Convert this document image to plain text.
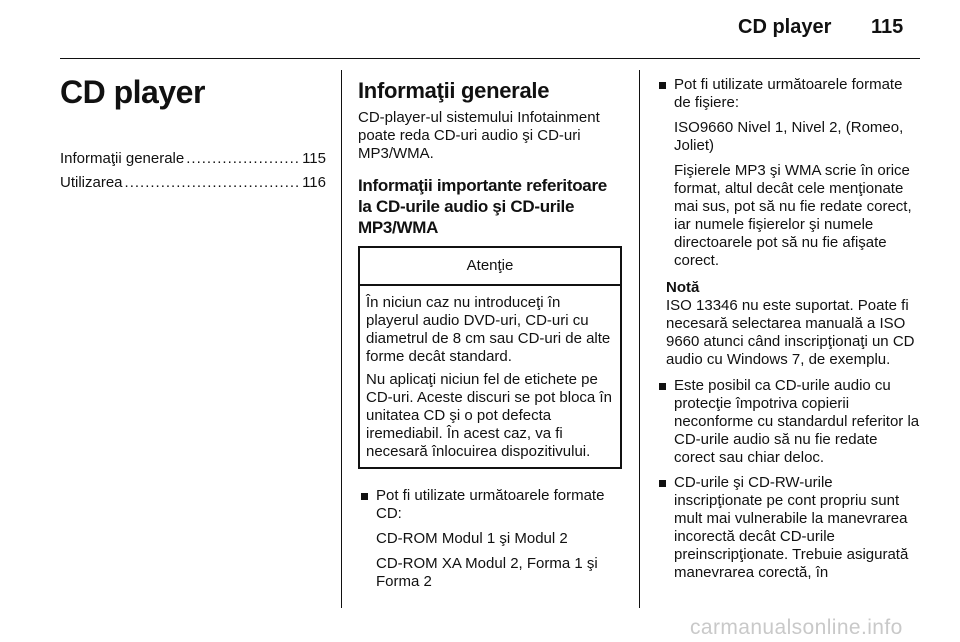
CD player 115
CD player
Informaţii generale .....	115
Utilizarea .....	116
Informaţii generale

CD-player-ul sistemului Infotainment poate reda CD-uri audio şi CD-uri MP3/WMA.

Informaţii importante referitoare la CD-urile audio şi CD-urile MP3/WMA
Atenţie

În niciun caz nu introduceţi în playerul audio DVD-uri, CD-uri cu diametrul de 8 cm sau CD-uri de alte forme decât standard.

Nu aplicaţi niciun fel de etichete pe CD-uri. Aceste discuri se pot bloca în unitatea CD şi o pot defecta iremediabil. În acest caz, va fi necesară înlocuirea dispozitivului.

Pot fi utilizate următoarele formate CD:

CD-ROM Modul 1 şi Modul 2

CD-ROM XA Modul 2, Forma 1 şi Forma 2

Pot fi utilizate următoarele formate de fişiere:

ISO9660 Nivel 1, Nivel 2, (Romeo, Joliet)

Fişierele MP3 şi WMA scrie în orice format, altul decât cele menţionate mai sus, pot să nu fie redate corect, iar numele fişierelor şi numele directoarele pot să nu fie afişate corect.

Notă
ISO 13346 nu este suportat. Poate fi necesară selectarea manuală a ISO 9660 atunci când inscripţionaţi un CD audio cu Windows 7, de exemplu.
Este posibil ca CD-urile audio cu protecţie împotriva copierii neconforme cu standardul referitor la CD-urile audio să nu fie redate corect sau chiar deloc.
CD-urile şi CD-RW-urile inscripţionate pe cont propriu sunt mult mai vulnerabile la manevrarea incorectă decât CD-urile preinscripţionate. Trebuie asigurată manevrarea corectă, în
carmanualsonline.info
